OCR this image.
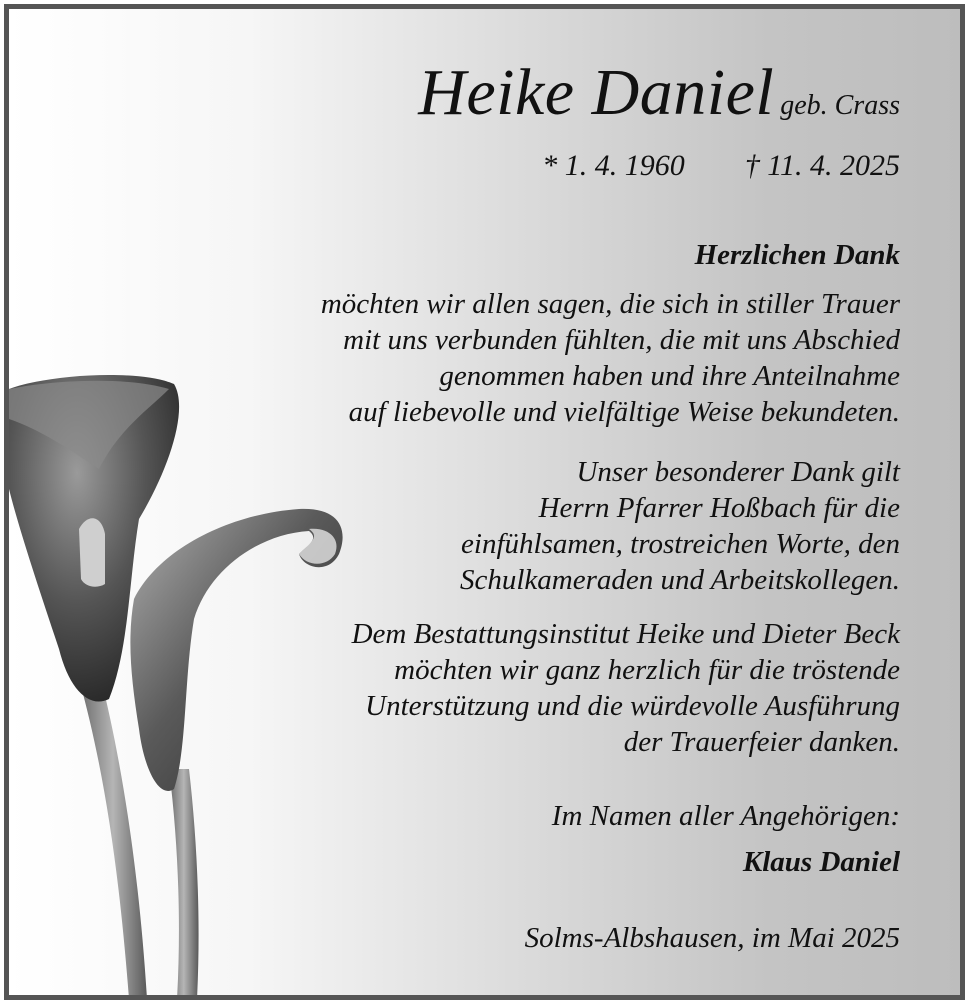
Heike Daniel geb. Crass
* 1. 4. 1960 † 11. 4. 2025
Herzlichen Dank
möchten wir allen sagen, die sich in stiller Trauer
mit uns verbunden fühlten, die mit uns Abschied
genommen haben und ihre Anteilnahme
auf liebevolle und vielfältige Weise bekundeten.
Unser besonderer Dank gilt
Herrn Pfarrer Hoßbach für die
einfühlsamen, trostreichen Worte, den
Schulkameraden und Arbeitskollegen.
Dem Bestattungsinstitut Heike und Dieter Beck
möchten wir ganz herzlich für die tröstende
Unterstützung und die würdevolle Ausführung
der Trauerfeier danken.
Im Namen aller Angehörigen:
Klaus Daniel
Solms-Albshausen, im Mai 2025
